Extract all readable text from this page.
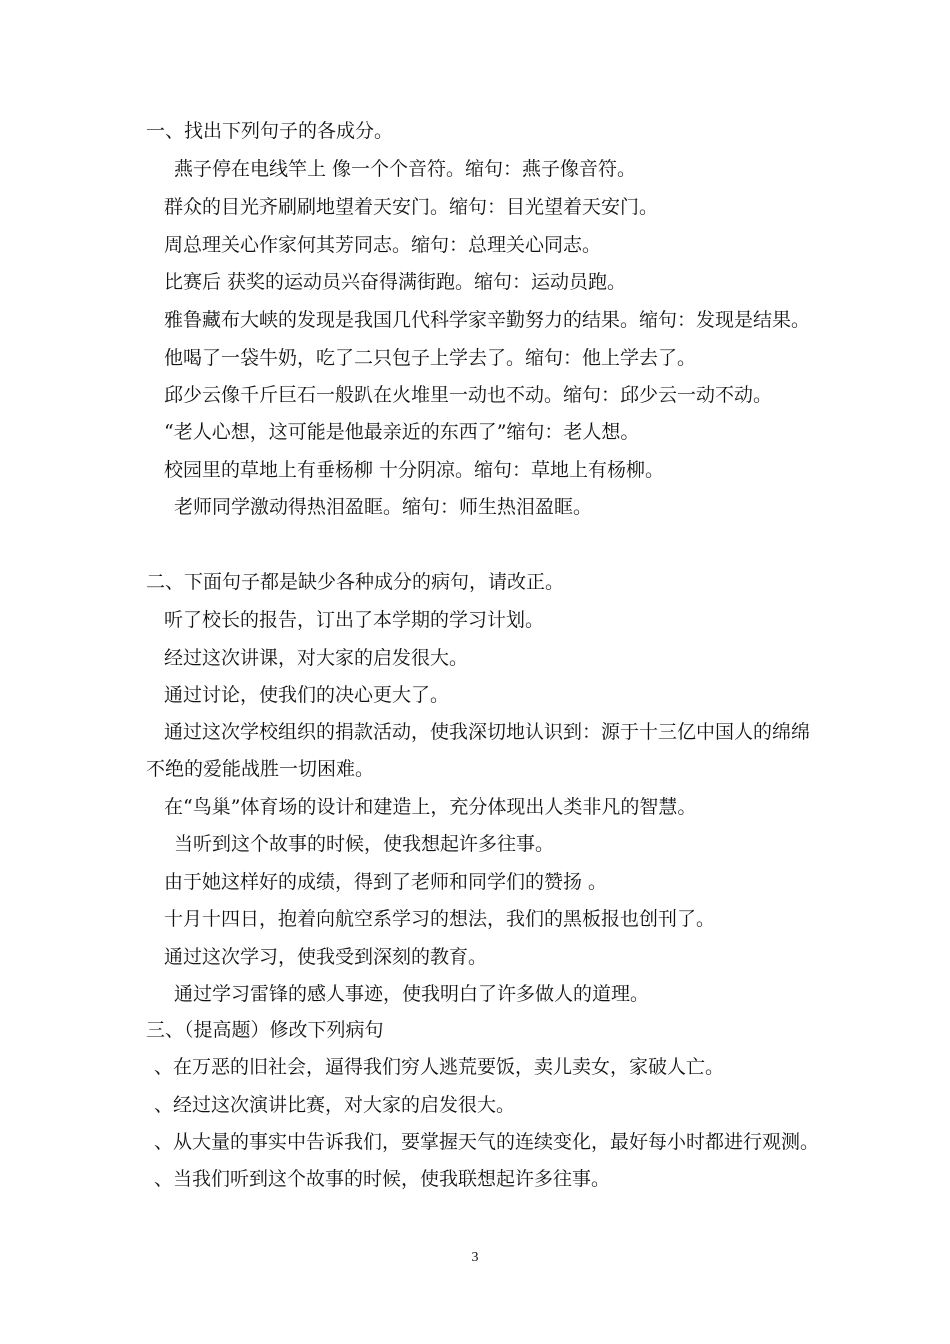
一、找出下列句子的各成分。
燕子停在电线竿上 像一个个音符。缩句：燕子像音符。
群众的目光齐刷刷地望着天安门。缩句：目光望着天安门。
周总理关心作家何其芳同志。缩句：总理关心同志。
比赛后 获奖的运动员兴奋得满街跑。缩句：运动员跑。
雅鲁藏布大峡的发现是我国几代科学家辛勤努力的结果。缩句：发现是结果。
他喝了一袋牛奶，吃了二只包子上学去了。缩句：他上学去了。
邱少云像千斤巨石一般趴在火堆里一动也不动。缩句：邱少云一动不动。
“老人心想，这可能是他最亲近的东西了”缩句：老人想。
校园里的草地上有垂杨柳 十分阴凉。缩句：草地上有杨柳。
老师同学激动得热泪盈眶。缩句：师生热泪盈眶。
二、下面句子都是缺少各种成分的病句，请改正。
听了校长的报告，订出了本学期的学习计划。
经过这次讲课，对大家的启发很大。
通过讨论，使我们的决心更大了。
通过这次学校组织的捐款活动，使我深切地认识到：源于十三亿中国人的绵绵
不绝的爱能战胜一切困难。
在“鸟巢”体育场的设计和建造上，充分体现出人类非凡的智慧。
当听到这个故事的时候，使我想起许多往事。
由于她这样好的成绩，得到了老师和同学们的赞扬 。
十月十四日，抱着向航空系学习的想法，我们的黑板报也创刊了。
通过这次学习，使我受到深刻的教育。
通过学习雷锋的感人事迹，使我明白了许多做人的道理。
三、（提高题）修改下列病句
、在万恶的旧社会，逼得我们穷人逃荒要饭，卖儿卖女，家破人亡。
、经过这次演讲比赛，对大家的启发很大。
、从大量的事实中告诉我们，要掌握天气的连续变化，最好每小时都进行观测。
、当我们听到这个故事的时候，使我联想起许多往事。
3
